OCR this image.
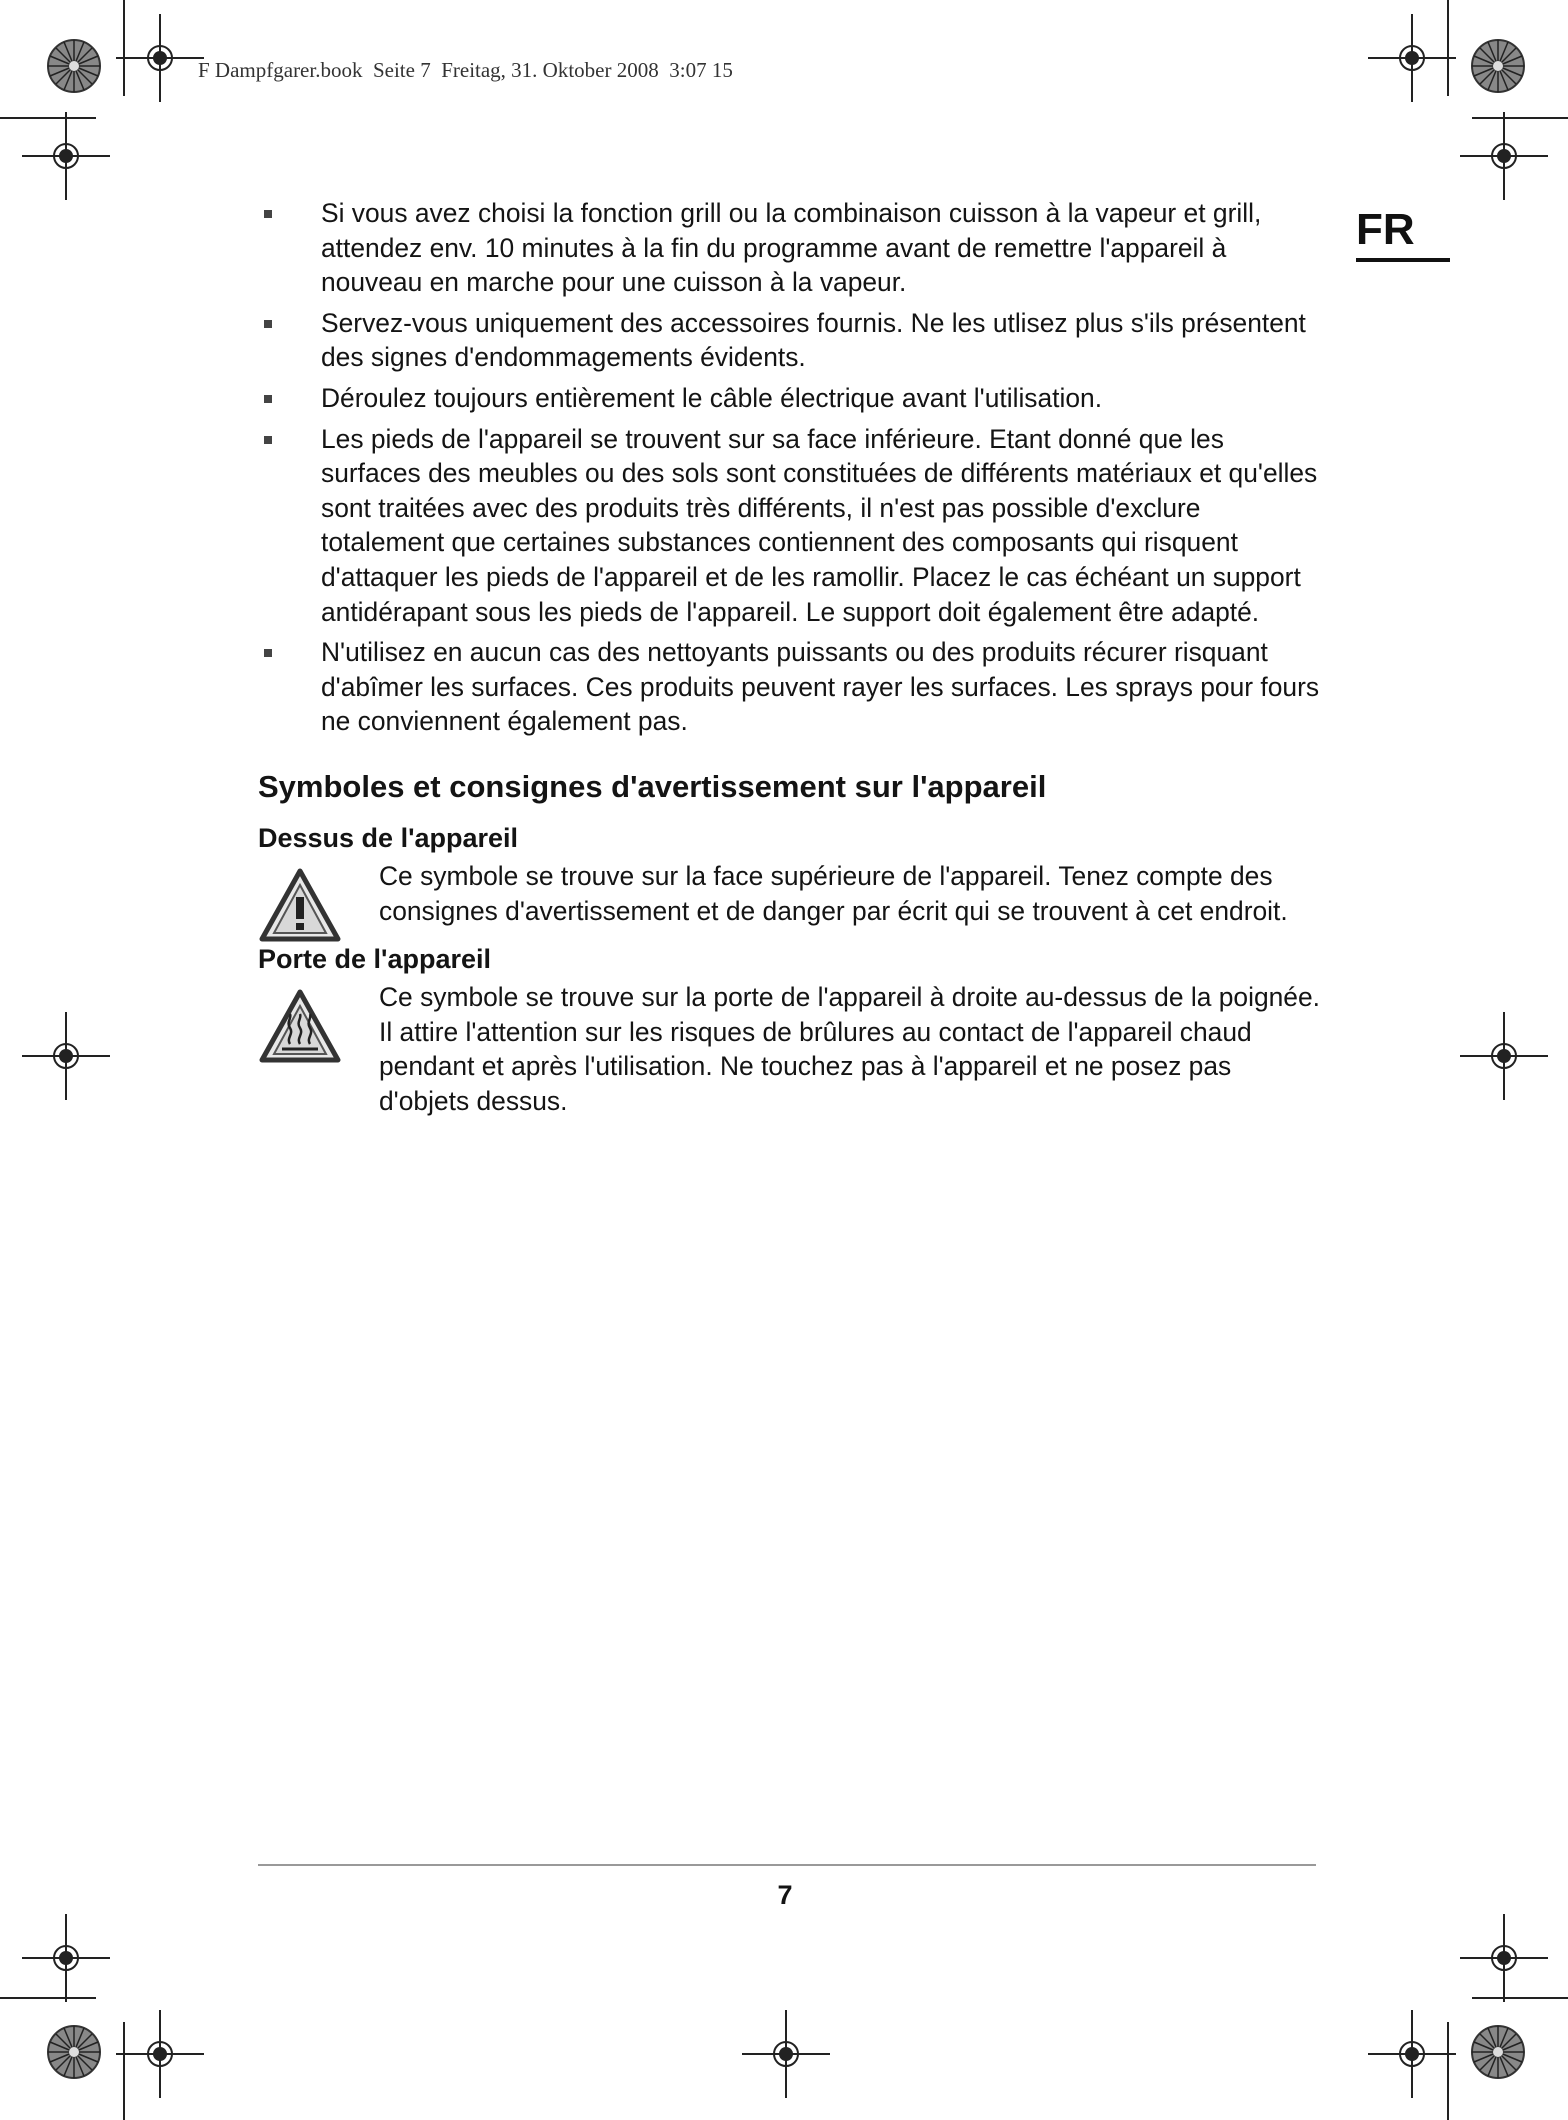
F Dampfgarer.book  Seite 7  Freitag, 31. Oktober 2008  3:07 15
FR
Si vous avez choisi la fonction grill ou la combinaison cuisson à la vapeur et grill, attendez env. 10 minutes à la fin du programme avant de remettre l'appareil à nouveau en marche pour une cuisson à la vapeur.
Servez-vous uniquement des accessoires fournis. Ne les utlisez plus s'ils présentent des signes d'endommagements évidents.
Déroulez toujours entièrement le câble électrique avant l'utilisation.
Les pieds de l'appareil se trouvent sur sa face inférieure. Etant donné que les surfaces des meubles ou des sols sont constituées de différents matériaux et qu'elles sont traitées avec des produits très différents, il n'est pas possible d'exclure totalement que certaines substances contiennent des composants qui risquent d'attaquer les pieds de l'appareil et de les ramollir. Placez le cas échéant un support antidérapant sous les pieds de l'appareil. Le support doit également être adapté.
N'utilisez en aucun cas des nettoyants puissants ou des produits récurer risquant d'abîmer les surfaces. Ces produits peuvent rayer les surfaces. Les sprays pour fours ne conviennent également pas.
Symboles et consignes d'avertissement sur l'appareil
Dessus de l'appareil

Ce symbole se trouve sur la face supérieure de l'appareil. Tenez compte des consignes d'avertissement et de danger par écrit qui se trouvent à cet endroit.

Porte de l'appareil

Ce symbole se trouve sur la porte de l'appareil à droite au-dessus de la poignée. Il attire l'attention sur les risques de brûlures au contact de l'appareil chaud pendant et après l'utilisation. Ne touchez pas à l'appareil et ne posez pas d'objets dessus.

7
